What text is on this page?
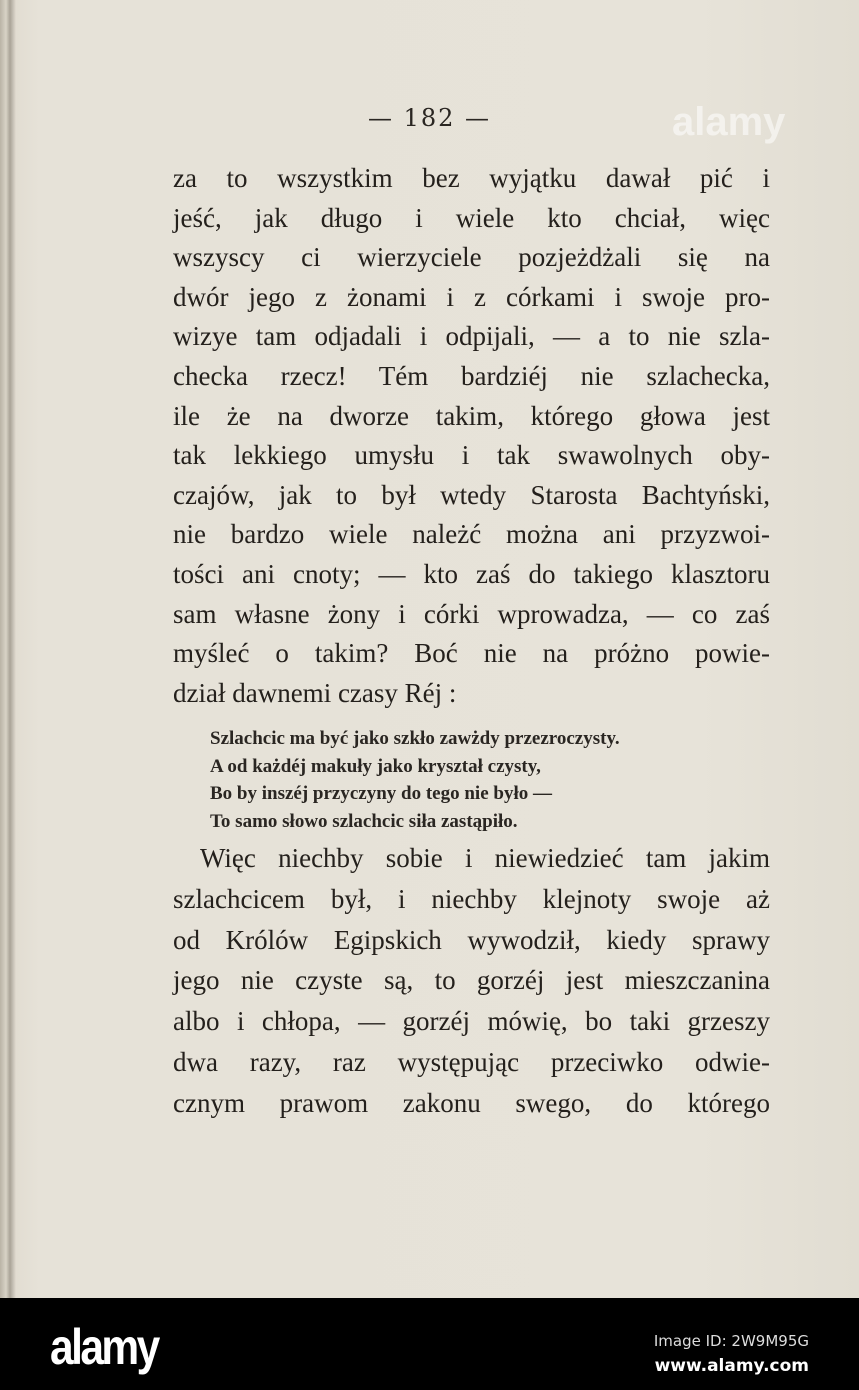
alamy
— 182 —
za to wszystkim bez wyjątku dawał pić i
jeść, jak długo i wiele kto chciał, więc
wszyscy ci wierzyciele pozjeżdżali się na
dwór jego z żonami i z córkami i swoje pro-
wizye tam odjadali i odpijali, — a to nie szla-
checka rzecz! Tém bardziéj nie szlachecka,
ile że na dworze takim, którego głowa jest
tak lekkiego umysłu i tak swawolnych oby-
czajów, jak to był wtedy Starosta Bachtyński,
nie bardzo wiele należć można ani przyzwoi-
tości ani cnoty; — kto zaś do takiego klasztoru
sam własne żony i córki wprowadza, — co zaś
myśleć o takim? Boć nie na próżno powie-
dział dawnemi czasy Réj :
Szlachcic ma być jako szkło zawżdy przezroczysty.
A od każdéj makuły jako kryształ czysty,
Bo by inszéj przyczyny do tego nie było —
To samo słowo szlachcic siła zastąpiło.
Więc niechby sobie i niewiedzieć tam jakim
szlachcicem był, i niechby klejnoty swoje aż
od Królów Egipskich wywodził, kiedy sprawy
jego nie czyste są, to gorzéj jest mieszczanina
albo i chłopa, — gorzéj mówię, bo taki grzeszy
dwa razy, raz występując przeciwko odwie-
cznym prawom zakonu swego, do którego
alamy	Image ID: 2W9M95G
www.alamy.com
